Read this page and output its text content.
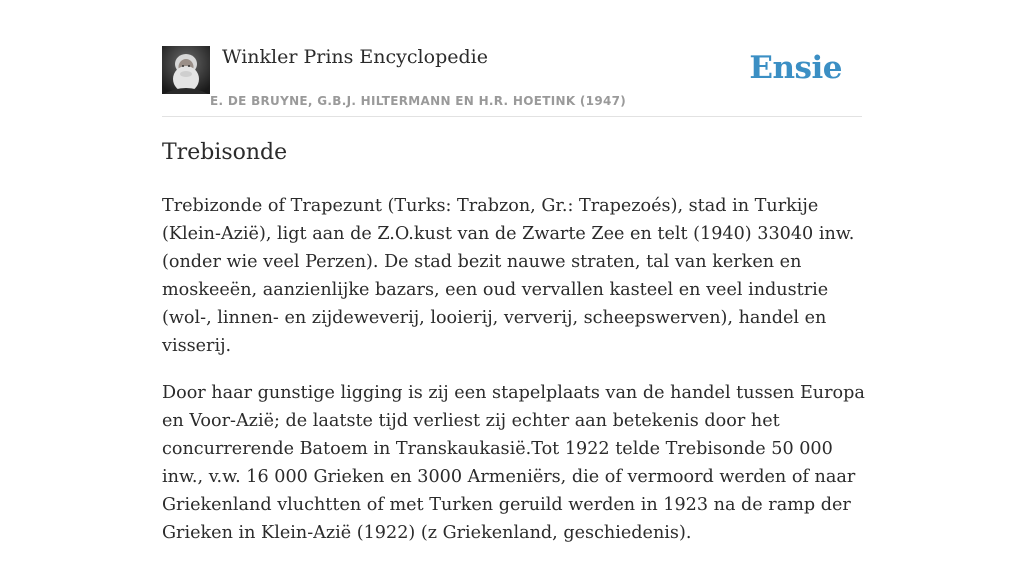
Winkler Prins Encyclopedie
E. DE BRUYNE, G.B.J. HILTERMANN EN H.R. HOETINK (1947)
Ensie
Trebisonde

Trebizonde of Trapezunt (Turks: Trabzon, Gr.: Trapezoés), stad in Turkije (Klein-Azië), ligt aan de Z.O.kust van de Zwarte Zee en telt (1940) 33040 inw. (onder wie veel Perzen). De stad bezit nauwe straten, tal van kerken en moskeeën, aanzienlijke bazars, een oud vervallen kasteel en veel industrie (wol-, linnen- en zijdeweverij, looierij, ververij, scheepswerven), handel en visserij.

Door haar gunstige ligging is zij een stapelplaats van de handel tussen Europa en Voor-Azië; de laatste tijd verliest zij echter aan betekenis door het concurrerende Batoem in Transkaukasië.Tot 1922 telde Trebisonde 50 000 inw., v.w. 16 000 Grieken en 3000 Armeniërs, die of vermoord werden of naar Griekenland vluchtten of met Turken geruild werden in 1923 na de ramp der Grieken in Klein-Azië (1922) (z Griekenland, geschiedenis).
